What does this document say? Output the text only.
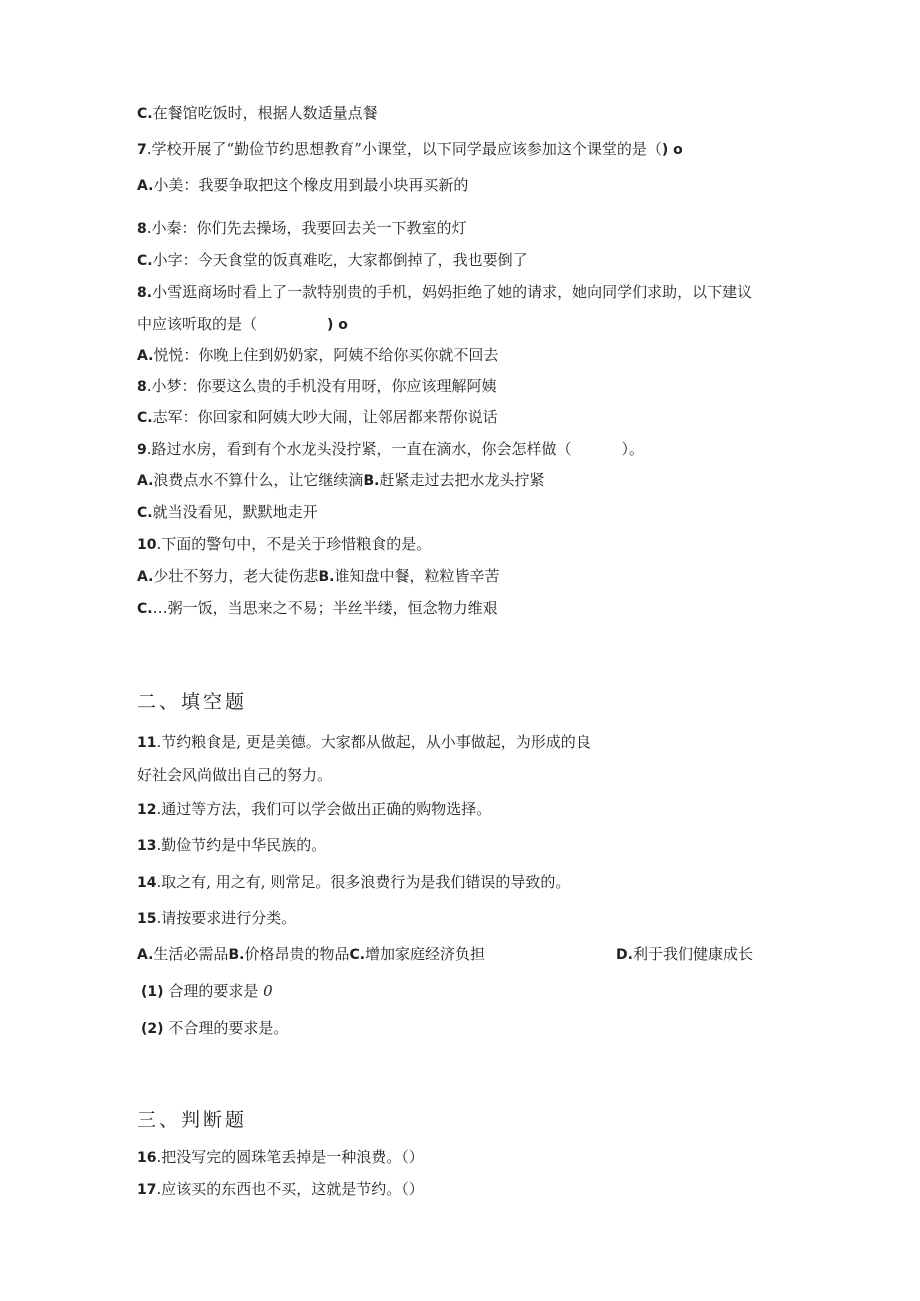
C.在餐馆吃饭时，根据人数适量点餐
7.学校开展了“勤俭节约思想教育”小课堂，以下同学最应该参加这个课堂的是（) o
A.小美：我要争取把这个橡皮用到最小块再买新的
8.小秦：你们先去操场，我要回去关一下教室的灯
C.小字：今天食堂的饭真难吃，大家都倒掉了，我也要倒了
8.小雪逛商场时看上了一款特别贵的手机，妈妈拒绝了她的请求，她向同学们求助，以下建议
中应该听取的是（	) o
A.悦悦：你晚上住到奶奶家，阿姨不给你买你就不回去
8.小梦：你要这么贵的手机没有用呀，你应该理解阿姨
C.志军：你回家和阿姨大吵大闹，让邻居都来帮你说话
9.路过水房，看到有个水龙头没拧紧，一直在滴水，你会怎样做（	）。
A.浪费点水不算什么，让它继续滴B.赶紧走过去把水龙头拧紧
C.就当没看见，默默地走开
10.下面的警句中，不是关于珍惜粮食的是。
A.少壮不努力，老大徒伤悲B.谁知盘中餐，粒粒皆辛苦
C.…粥一饭，当思来之不易；半丝半缕，恒念物力维艰
二、填空题
11.节约粮食是, 更是美德。大家都从做起，从小事做起，为形成的良
好社会风尚做出自己的努力。
12.通过等方法，我们可以学会做出正确的购物选择。
13.勤俭节约是中华民族的。
14.取之有, 用之有, 则常足。很多浪费行为是我们错误的导致的。
15.请按要求进行分类。
A.生活必需品B.价格昂贵的物品C.增加家庭经济负担	D.利于我们健康成长
(1) 合理的要求是 0
(2) 不合理的要求是。
三、判断题
16.把没写完的圆珠笔丢掉是一种浪费。（）
17.应该买的东西也不买，这就是节约。（）
